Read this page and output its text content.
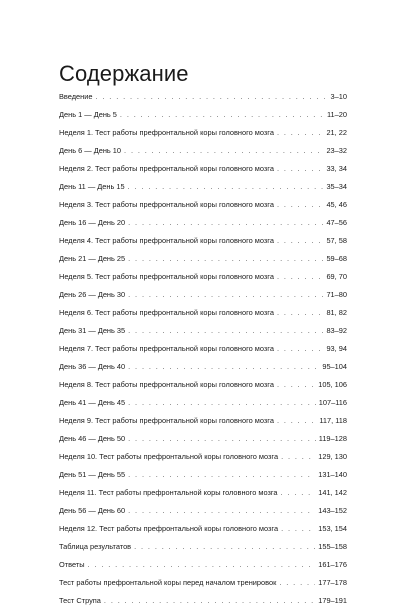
Содержание
Введение . . .	3–10
День 1 — День 5 . . .	11–20
Неделя 1. Тест работы префронтальной коры головного мозга . . .	21, 22
День 6 — День 10 . . .	23–32
Неделя 2. Тест работы префронтальной коры головного мозга . . .	33, 34
День 11 — День 15 . . .	35–34
Неделя 3. Тест работы префронтальной коры головного мозга . . .	45, 46
День 16 — День 20 . . .	47–56
Неделя 4. Тест работы префронтальной коры головного мозга . . .	57, 58
День 21 — День 25 . . .	59–68
Неделя 5. Тест работы префронтальной коры головного мозга . . .	69, 70
День 26 — День 30 . . .	71–80
Неделя 6. Тест работы префронтальной коры головного мозга . . .	81, 82
День 31 — День 35 . . .	83–92
Неделя 7. Тест работы префронтальной коры головного мозга . . .	93, 94
День 36 — День 40 . . .	95–104
Неделя 8. Тест работы префронтальной коры головного мозга . . .	105, 106
День 41 — День 45 . . .	107–116
Неделя 9. Тест работы префронтальной коры головного мозга . . .	117, 118
День 46 — День 50 . . .	119–128
Неделя 10. Тест работы префронтальной коры головного мозга . . .	129, 130
День 51 — День 55 . . .	131–140
Неделя 11. Тест работы префронтальной коры головного мозга . . .	141, 142
День 56 — День 60 . . .	143–152
Неделя 12. Тест работы префронтальной коры головного мозга . . .	153, 154
Таблица результатов . . .	155–158
Ответы . . .	161–176
Тест работы префронтальной коры перед началом тренировок . . .	177–178
Тест Струпа . . .	179–191
